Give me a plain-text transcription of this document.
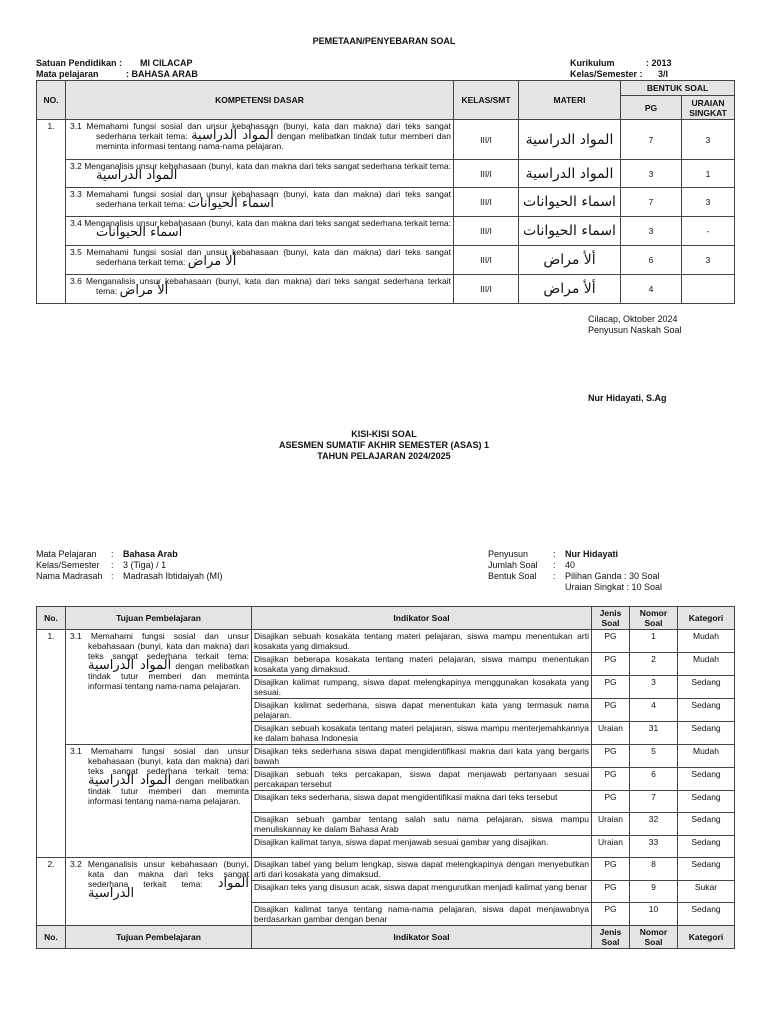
PEMETAAN/PENYEBARAN SOAL
Satuan Pendidikan : MI CILACAP
Mata pelajaran	: BAHASA ARAB
Kurikulum	: 2013
Kelas/Semester : 3/I
NO.	KOMPETENSI DASAR	KELAS/SMT	MATERI	BENTUK SOAL	
				PG	URAIAN SINGKAT
1.	3.1 Memahami fungsi sosial dan unsur kebahasaan (bunyi, kata dan makna) dari teks sangat sederhana terkait tema: المواد الدراسية dengan melibatkan tindak tutur memberi dan meminta informasi tentang nama-nama pelajaran.	III/I	المواد الدراسية	7	3
	3.2 Menganalisis unsur kebahasaan (bunyi, kata dan makna dari teks sangat sederhana terkait tema: المواد الدراسية	III/I	المواد الدراسية	3	1
	3.3 Memahami fungsi sosial dan unsur kebahasaan (bunyi, kata dan makna) dari teks sangat sederhana terkait tema: اسماء الحيوانات	III/I	اسماء الحيوانات	7	3
	3.4 Menganalisis unsur kebahasaan (bunyi, kata dan makna dari teks sangat sederhana terkait tema: اسماء الحيوانات	III/I	اسماء الحيوانات	3	-
	3.5 Memahami fungsi sosial dan unsur kebahasaan (bunyi, kata dan makna) dari teks sangat sederhana terkait tema: ألأ مراض	III/I	ألأ مراض	6	3
	3.6 Menganalisis unsur kebahasaan (bunyi, kata dan makna) dari teks sangat sederhana terkait tema: ألأ مراض	III/I	ألأ مراض	4	
Cilacap, Oktober 2024
Penyusun Naskah Soal
Nur Hidayati, S.Ag
KISI-KISI SOAL
ASESMEN SUMATIF AKHIR SEMESTER (ASAS) 1
TAHUN PELAJARAN 2024/2025
Mata Pelajaran : Bahasa Arab
Kelas/Semester : 3 (Tiga) / 1
Nama Madrasah : Madrasah Ibtidaiyah (MI)
Penyusun	: Nur Hidayati
Jumlah Soal : 40
Bentuk Soal : Pilihan Ganda : 30 Soal
Uraian Singkat : 10 Soal
No.	Tujuan Pembelajaran	Indikator Soal	Jenis Soal	Nomor Soal	Kategori
1.	3.1 Memahami fungsi sosial dan unsur kebahasaan (bunyi, kata dan makna) dari teks sangat sederhana terkait tema: المواد الدراسية dengan melibatkan tindak tutur memberi dan meminta informasi tentang nama-nama pelajaran.	Disajikan sebuah kosakata tentang materi pelajaran, siswa mampu menentukan arti kosakata yang dimaksud.	PG	1	Mudah
		Disajikan beberapa kosakata tentang materi pelajaran, siswa mampu menentukan kosakata yang dimaksud.	PG	2	Mudah
		Disajikan kalimat rumpang, siswa dapat melengkapinya menggunakan kosakata yang sesuai.	PG	3	Sedang
		Disajikan kalimat sederhana, siswa dapat menentukan kata yang termasuk nama pelajaran.	PG	4	Sedang
		Disajikan sebuah kosakata tentang materi pelajaran, siswa mampu menterjemahkannya ke dalam bahasa Indonesia	Uraian	31	Sedang
	3.1 Memahami fungsi sosial dan unsur kebahasaan (bunyi, kata dan makna) dari teks sangat sederhana terkait tema: المواد الدراسية dengan melibatkan tindak tutur memberi dan meminta informasi tentang nama-nama pelajaran.	Disajikan teks sederhana siswa dapat mengidentifikasi makna dari kata yang bergaris bawah	PG	5	Mudah
		Disajikan sebuah teks percakapan, siswa dapat menjawab pertanyaan sesuai percakapan tersebut	PG	6	Sedang
		Disajikan teks sederhana, siswa dapat mengidentifikasi makna dari teks tersebut	PG	7	Sedang
		Disajikan sebuah gambar tentang salah satu nama pelajaran, siswa mampu menuliskannay ke dalam Bahasa Arab	Uraian	32	Sedang
		Disajikan kalimat tanya, siswa dapat menjawab sesuai gambar yang disajikan.	Uraian	33	Sedang
2.	3.2 Menganalisis unsur kebahasaan (bunyi, kata dan makna dari teks sangat sederhana terkait tema: المواد الدراسية	Disajikan tabel yang belum lengkap, siswa dapat melengkapinya dengan menyebutkan arti dari kosakata yang dimaksud.	PG	8	Sedang
		Disajikan teks yang disusun acak, siswa dapat mengurutkan menjadi kalimat yang benar	PG	9	Sukar
		Disajikan kalimat tanya tentang nama-nama pelajaran, siswa dapat menjawabnya berdasarkan gambar dengan benar	PG	10	Sedang
No.	Tujuan Pembelajaran	Indikator Soal	Jenis Soal	Nomor Soal	Kategori
